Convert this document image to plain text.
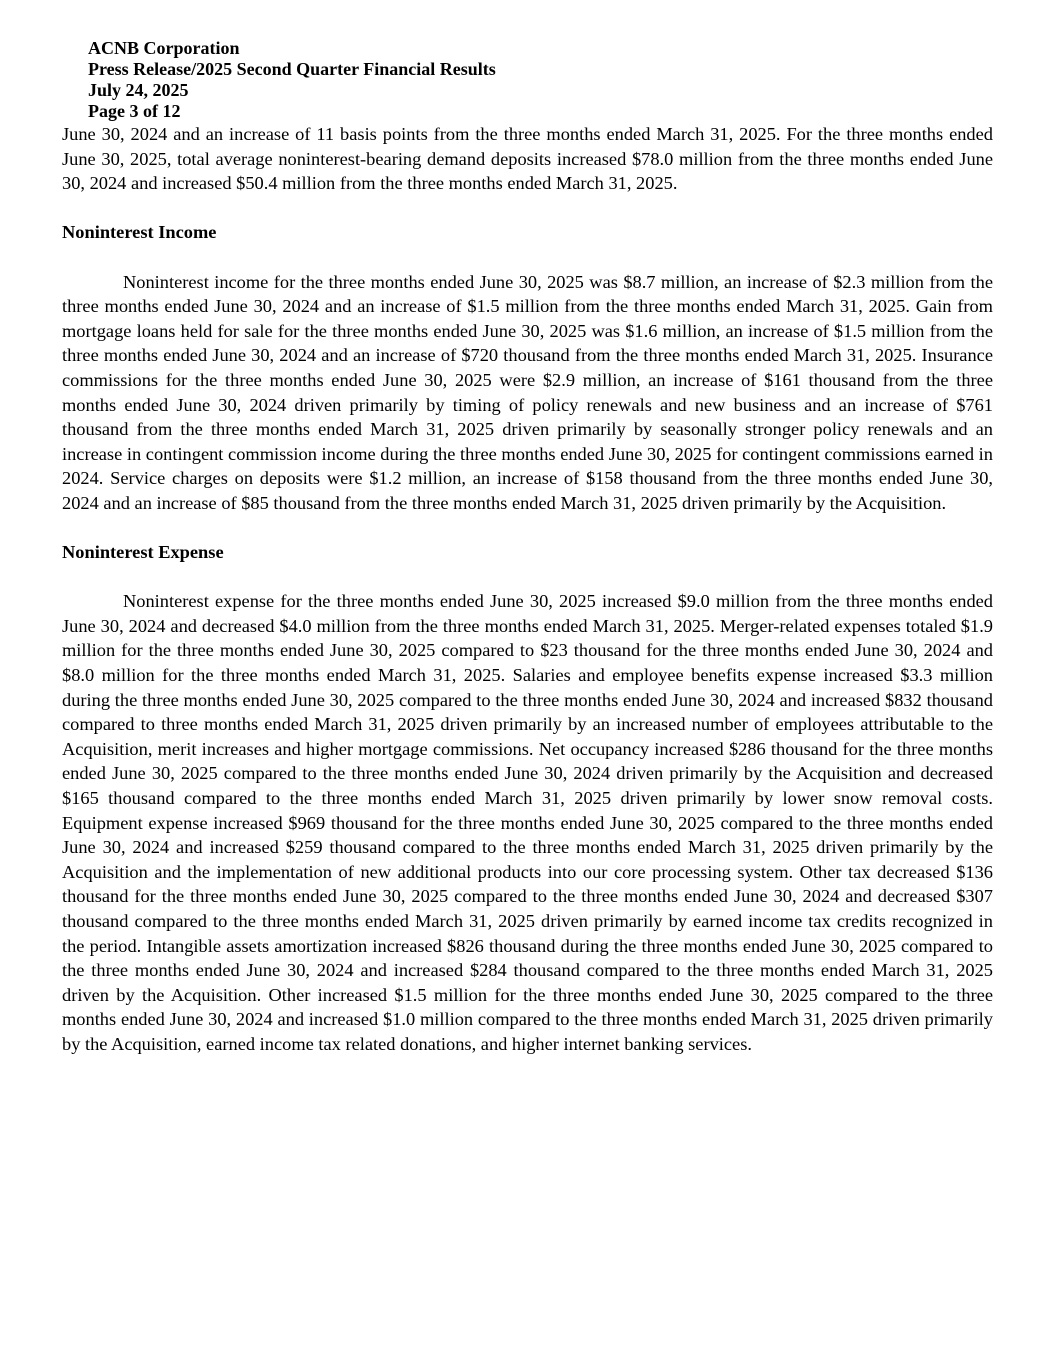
ACNB Corporation
Press Release/2025 Second Quarter Financial Results
July 24, 2025
Page 3 of 12

June 30, 2024 and an increase of 11 basis points from the three months ended March 31, 2025. For the three months ended June 30, 2025, total average noninterest-bearing demand deposits increased $78.0 million from the three months ended June 30, 2024 and increased $50.4 million from the three months ended March 31, 2025.

Noninterest Income

Noninterest income for the three months ended June 30, 2025 was $8.7 million, an increase of $2.3 million from the three months ended June 30, 2024 and an increase of $1.5 million from the three months ended March 31, 2025. Gain from mortgage loans held for sale for the three months ended June 30, 2025 was $1.6 million, an increase of $1.5 million from the three months ended June 30, 2024 and an increase of $720 thousand from the three months ended March 31, 2025. Insurance commissions for the three months ended June 30, 2025 were $2.9 million, an increase of $161 thousand from the three months ended June 30, 2024 driven primarily by timing of policy renewals and new business and an increase of $761 thousand from the three months ended March 31, 2025 driven primarily by seasonally stronger policy renewals and an increase in contingent commission income during the three months ended June 30, 2025 for contingent commissions earned in 2024. Service charges on deposits were $1.2 million, an increase of $158 thousand from the three months ended June 30, 2024 and an increase of $85 thousand from the three months ended March 31, 2025 driven primarily by the Acquisition.

Noninterest Expense

Noninterest expense for the three months ended June 30, 2025 increased $9.0 million from the three months ended June 30, 2024 and decreased $4.0 million from the three months ended March 31, 2025. Merger-related expenses totaled $1.9 million for the three months ended June 30, 2025 compared to $23 thousand for the three months ended June 30, 2024 and $8.0 million for the three months ended March 31, 2025. Salaries and employee benefits expense increased $3.3 million during the three months ended June 30, 2025 compared to the three months ended June 30, 2024 and increased $832 thousand compared to three months ended March 31, 2025 driven primarily by an increased number of employees attributable to the Acquisition, merit increases and higher mortgage commissions. Net occupancy increased $286 thousand for the three months ended June 30, 2025 compared to the three months ended June 30, 2024 driven primarily by the Acquisition and decreased $165 thousand compared to the three months ended March 31, 2025 driven primarily by lower snow removal costs. Equipment expense increased $969 thousand for the three months ended June 30, 2025 compared to the three months ended June 30, 2024 and increased $259 thousand compared to the three months ended March 31, 2025 driven primarily by the Acquisition and the implementation of new additional products into our core processing system. Other tax decreased $136 thousand for the three months ended June 30, 2025 compared to the three months ended June 30, 2024 and decreased $307 thousand compared to the three months ended March 31, 2025 driven primarily by earned income tax credits recognized in the period. Intangible assets amortization increased $826 thousand during the three months ended June 30, 2025 compared to the three months ended June 30, 2024 and increased $284 thousand compared to the three months ended March 31, 2025 driven by the Acquisition. Other increased $1.5 million for the three months ended June 30, 2025 compared to the three months ended June 30, 2024 and increased $1.0 million compared to the three months ended March 31, 2025 driven primarily by the Acquisition, earned income tax related donations, and higher internet banking services.
